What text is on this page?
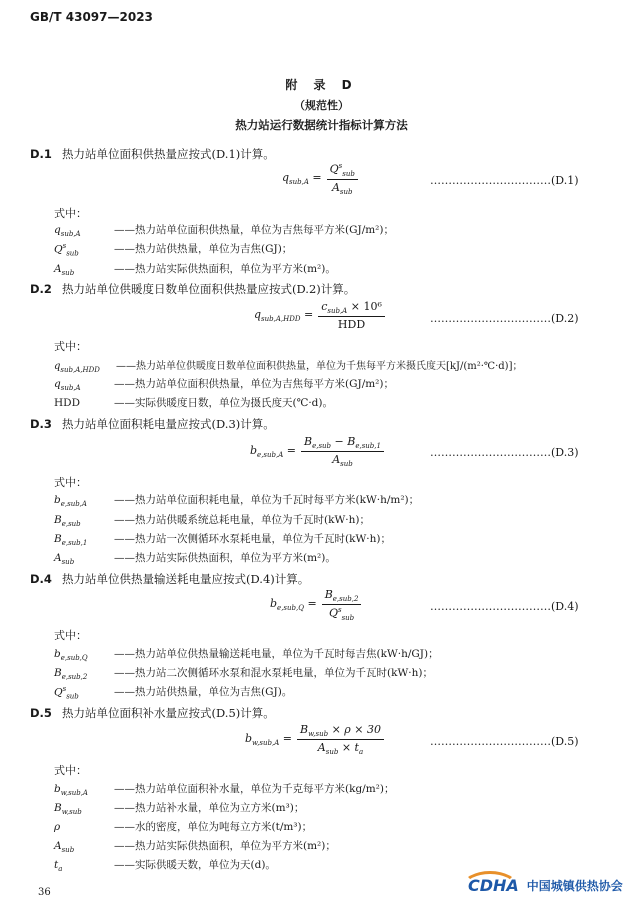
GB/T 43097—2023
附 录 D
（规范性）
热力站运行数据统计指标计算方法
D.1 热力站单位面积供热量应按式(D.1)计算。
$q_{sub,A} = \frac{Q^s_{sub}}{A_{sub}}$	……………………………(D.1)
式中：
$q_{sub,A}$	——热力站单位面积供热量，单位为吉焦每平方米(GJ/m²)；
$Q^s_{sub}$	——热力站供热量，单位为吉焦(GJ)；
$A_{sub}$	——热力站实际供热面积，单位为平方米(m²)。
D.2 热力站单位供暖度日数单位面积供热量应按式(D.2)计算。
$q_{sub,A,HDD} = \frac{c_{sub,A} \times 10^6}{\text{HDD}}$	……………………………(D.2)
式中：
$q_{sub,A,HDD}$ ——热力站单位供暖度日数单位面积供热量，单位为千焦每平方米摄氏度天[kJ/(m²·℃·d)]；
$q_{sub,A}$	——热力站单位面积供热量，单位为吉焦每平方米(GJ/m²)；
HDD	——实际供暖度日数，单位为摄氏度天(℃·d)。
D.3 热力站单位面积耗电量应按式(D.3)计算。
$b_{e,sub,A} = \frac{B_{e,sub} - B_{e,sub,1}}{A_{sub}}$	……………………………(D.3)
式中：
$b_{e,sub,A}$	——热力站单位面积耗电量，单位为千瓦时每平方米(kW·h/m²)；
$B_{e,sub}$	——热力站供暖系统总耗电量，单位为千瓦时(kW·h)；
$B_{e,sub,1}$	——热力站一次侧循环水泵耗电量，单位为千瓦时(kW·h)；
$A_{sub}$	——热力站实际供热面积，单位为平方米(m²)。
D.4 热力站单位供热量输送耗电量应按式(D.4)计算。
$b_{e,sub,Q} = \frac{B_{e,sub,2}}{Q^s_{sub}}$	……………………………(D.4)
式中：
$b_{e,sub,Q}$	——热力站单位供热量输送耗电量，单位为千瓦时每吉焦(kW·h/GJ)；
$B_{e,sub,2}$	——热力站二次侧循环水泵和混水泵耗电量，单位为千瓦时(kW·h)；
$Q^s_{sub}$	——热力站供热量，单位为吉焦(GJ)。
D.5 热力站单位面积补水量应按式(D.5)计算。
$b_{w,sub,A} = \frac{B_{w,sub} \times \rho \times 30}{A_{sub} \times t_a}$	……………………………(D.5)
式中：
$b_{w,sub,A}$ ——热力站单位面积补水量，单位为千克每平方米(kg/m²)；
$B_{w,sub}$	——热力站补水量，单位为立方米(m³)；
ρ	——水的密度，单位为吨每立方米(t/m³)；
$A_{sub}$	——热力站实际供热面积，单位为平方米(m²)；
$t_a$	——实际供暖天数，单位为天(d)。
36	CDHA 中国城镇供热协会
